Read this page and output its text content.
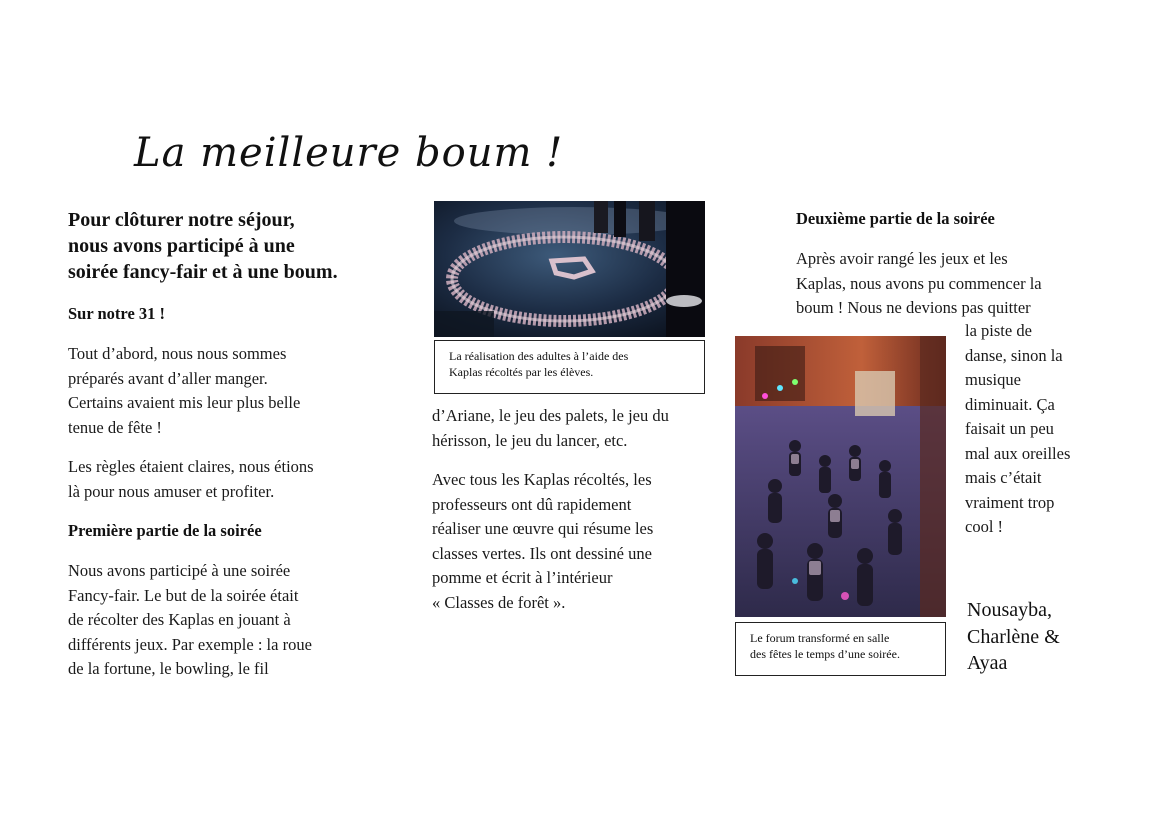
La meilleure boum !
Pour clôturer notre séjour,
nous avons participé à une
soirée fancy-fair et à une boum.
Sur notre 31 !
Tout d’abord, nous nous sommes
préparés avant d’aller manger.
Certains avaient mis leur plus belle
tenue de fête !
Les règles étaient claires, nous étions
là pour nous amuser et profiter.
Première partie de la soirée
Nous avons participé à une soirée
Fancy-fair. Le but de la soirée était
de récolter des Kaplas en jouant à
différents jeux. Par exemple : la roue
de la fortune, le bowling, le fil
La réalisation des adultes à l’aide des
Kaplas récoltés par les élèves.
d’Ariane, le jeu des palets, le jeu du
hérisson, le jeu du lancer, etc.
Avec tous les Kaplas récoltés, les
professeurs ont dû rapidement
réaliser une œuvre qui résume les
classes vertes. Ils ont dessiné une
pomme et écrit à l’intérieur
« Classes de forêt ».
Deuxième partie de la soirée
Après avoir rangé les jeux et les
Kaplas, nous avons pu commencer la
boum ! Nous ne devions pas quitter
la piste de
danse, sinon la
musique
diminuait. Ça
faisait un peu
mal aux oreilles
mais c’était
vraiment trop
cool !
Le forum transformé en salle
des fêtes le temps d’une soirée.
Nousayba,
Charlène &
Ayaa
